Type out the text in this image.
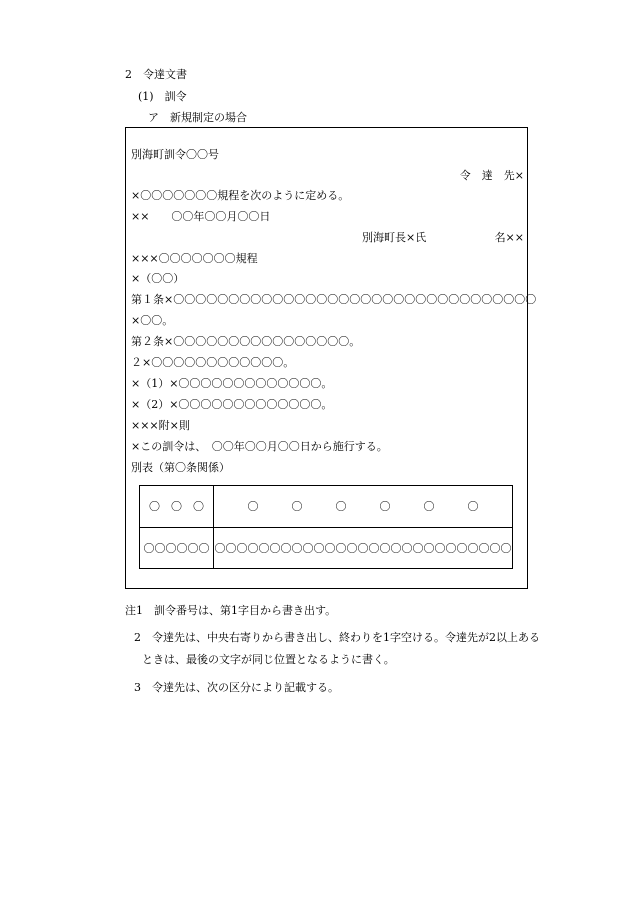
2　令達文書
(1)　訓令
ア　新規制定の場合
別海町訓令〇〇号
令　達　先×
×〇〇〇〇〇〇〇規程を次のように定める。
××　　〇〇年〇〇月〇〇日
別海町長×氏	名××
×××〇〇〇〇〇〇〇規程
×（〇〇）
第１条×〇〇〇〇〇〇〇〇〇〇〇〇〇〇〇〇〇〇〇〇〇〇〇〇〇〇〇〇〇〇〇〇〇
×〇〇。
第２条×〇〇〇〇〇〇〇〇〇〇〇〇〇〇〇〇。
２×〇〇〇〇〇〇〇〇〇〇〇〇。
×（1）×〇〇〇〇〇〇〇〇〇〇〇〇〇。
×（2）×〇〇〇〇〇〇〇〇〇〇〇〇〇。
×××附×則
×この訓令は、　〇〇年〇〇月〇〇日から施行する。
別表（第〇条関係）
〇　〇　〇	〇　　　〇　　　〇　　　〇　　　〇　　　〇
〇〇〇〇〇〇 〇〇〇〇〇〇〇〇〇〇〇〇〇〇〇〇〇〇〇〇〇〇〇〇〇〇〇
注1　訓令番号は、第1字目から書き出す。
2　令達先は、中央右寄りから書き出し、終わりを1字空ける。令達先が2以上ある
ときは、最後の文字が同じ位置となるように書く。
3　令達先は、次の区分により記載する。
